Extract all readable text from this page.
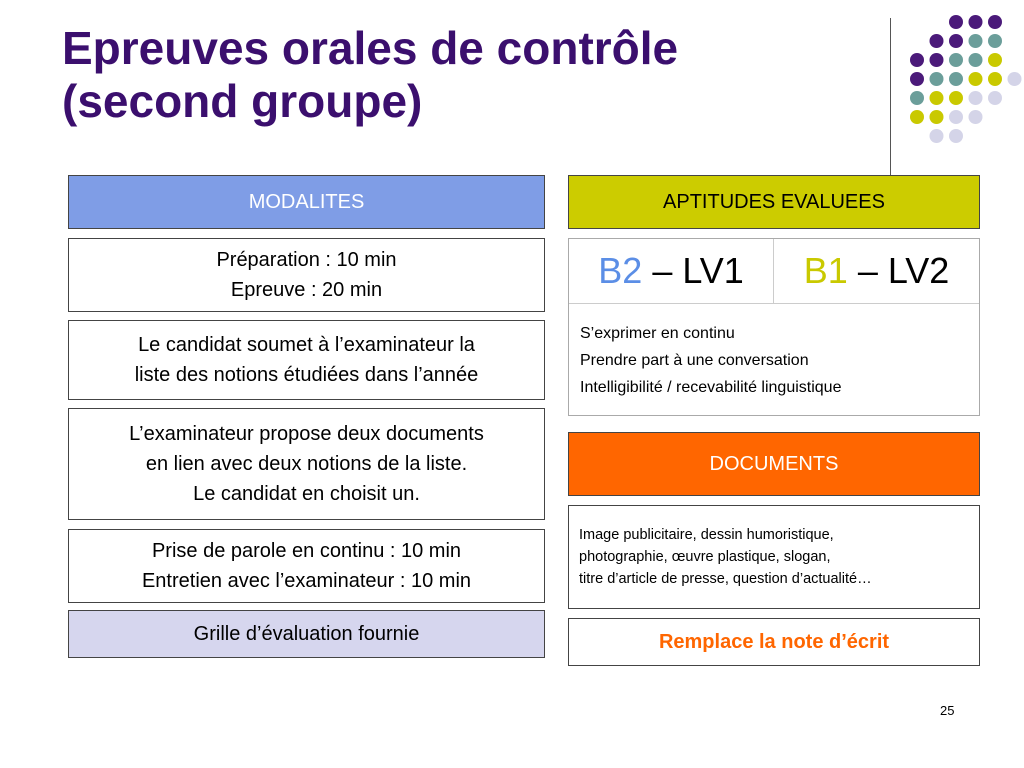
Epreuves orales de contrôle
(second groupe)
MODALITES
Préparation : 10 min
Epreuve : 20 min
Le candidat soumet à l’examinateur la
liste des notions étudiées dans l’année
L’examinateur propose deux documents
en lien avec deux notions de la liste.
Le candidat en choisit un.
Prise de parole en continu : 10 min
Entretien avec l’examinateur : 10 min
Grille d’évaluation fournie
APTITUDES EVALUEES
B2 – LV1 B1 – LV2
S’exprimer en continu
Prendre part à une conversation
Intelligibilité / recevabilité linguistique
DOCUMENTS
Image publicitaire, dessin humoristique,
photographie, œuvre plastique, slogan,
titre d’article de presse, question d’actualité…
Remplace la note d’écrit
25
